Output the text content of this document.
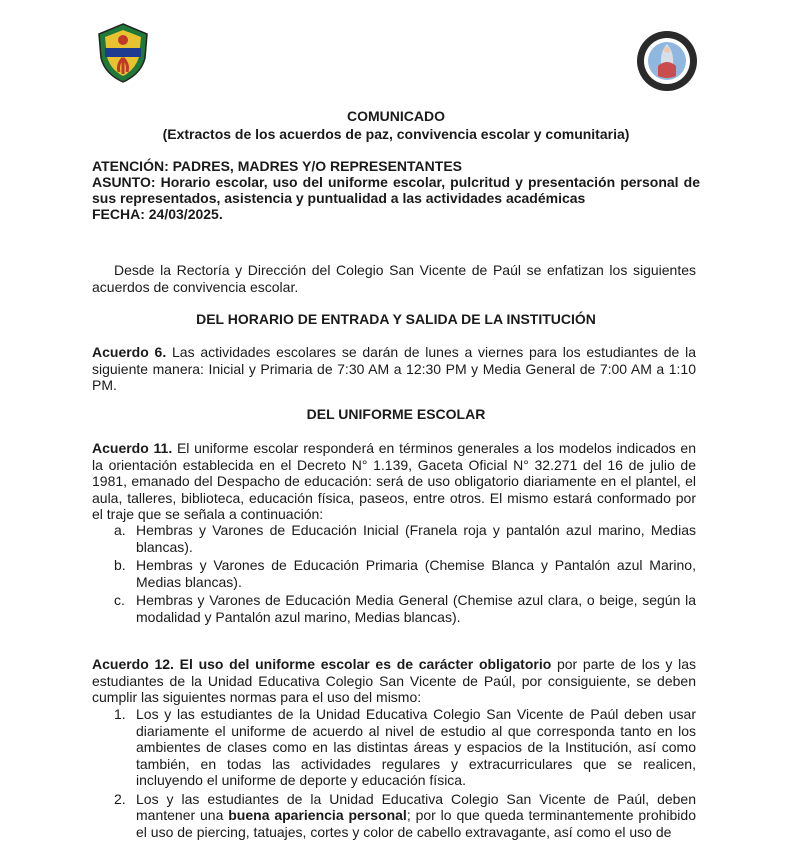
COMUNICADO
(Extractos de los acuerdos de paz, convivencia escolar y comunitaria)
ATENCIÓN: PADRES, MADRES Y/O REPRESENTANTES
ASUNTO: Horario escolar, uso del uniforme escolar, pulcritud y presentación personal de sus representados, asistencia y puntualidad a las actividades académicas
FECHA: 24/03/2025.
Desde la Rectoría y Dirección del Colegio San Vicente de Paúl se enfatizan los siguientes acuerdos de convivencia escolar.
DEL HORARIO DE ENTRADA Y SALIDA DE LA INSTITUCIÓN
Acuerdo 6. Las actividades escolares se darán de lunes a viernes para los estudiantes de la siguiente manera: Inicial y Primaria de 7:30 AM a 12:30 PM y Media General de 7:00 AM a 1:10 PM.
DEL UNIFORME ESCOLAR
Acuerdo 11. El uniforme escolar responderá en términos generales a los modelos indicados en la orientación establecida en el Decreto N° 1.139, Gaceta Oficial N° 32.271 del 16 de julio de 1981, emanado del Despacho de educación: será de uso obligatorio diariamente en el plantel, el aula, talleres, biblioteca, educación física, paseos, entre otros. El mismo estará conformado por el traje que se señala a continuación:
a. Hembras y Varones de Educación Inicial (Franela roja y pantalón azul marino, Medias blancas).
b. Hembras y Varones de Educación Primaria (Chemise Blanca y Pantalón azul Marino, Medias blancas).
c. Hembras y Varones de Educación Media General (Chemise azul clara, o beige, según la modalidad y Pantalón azul marino, Medias blancas).
Acuerdo 12. El uso del uniforme escolar es de carácter obligatorio por parte de los y las estudiantes de la Unidad Educativa Colegio San Vicente de Paúl, por consiguiente, se deben cumplir las siguientes normas para el uso del mismo:
1. Los y las estudiantes de la Unidad Educativa Colegio San Vicente de Paúl deben usar diariamente el uniforme de acuerdo al nivel de estudio al que corresponda tanto en los ambientes de clases como en las distintas áreas y espacios de la Institución, así como también, en todas las actividades regulares y extracurriculares que se realicen, incluyendo el uniforme de deporte y educación física.
2. Los y las estudiantes de la Unidad Educativa Colegio San Vicente de Paúl, deben mantener una buena apariencia personal; por lo que queda terminantemente prohibido el uso de piercing, tatuajes, cortes y color de cabello extravagante, así como el uso de
